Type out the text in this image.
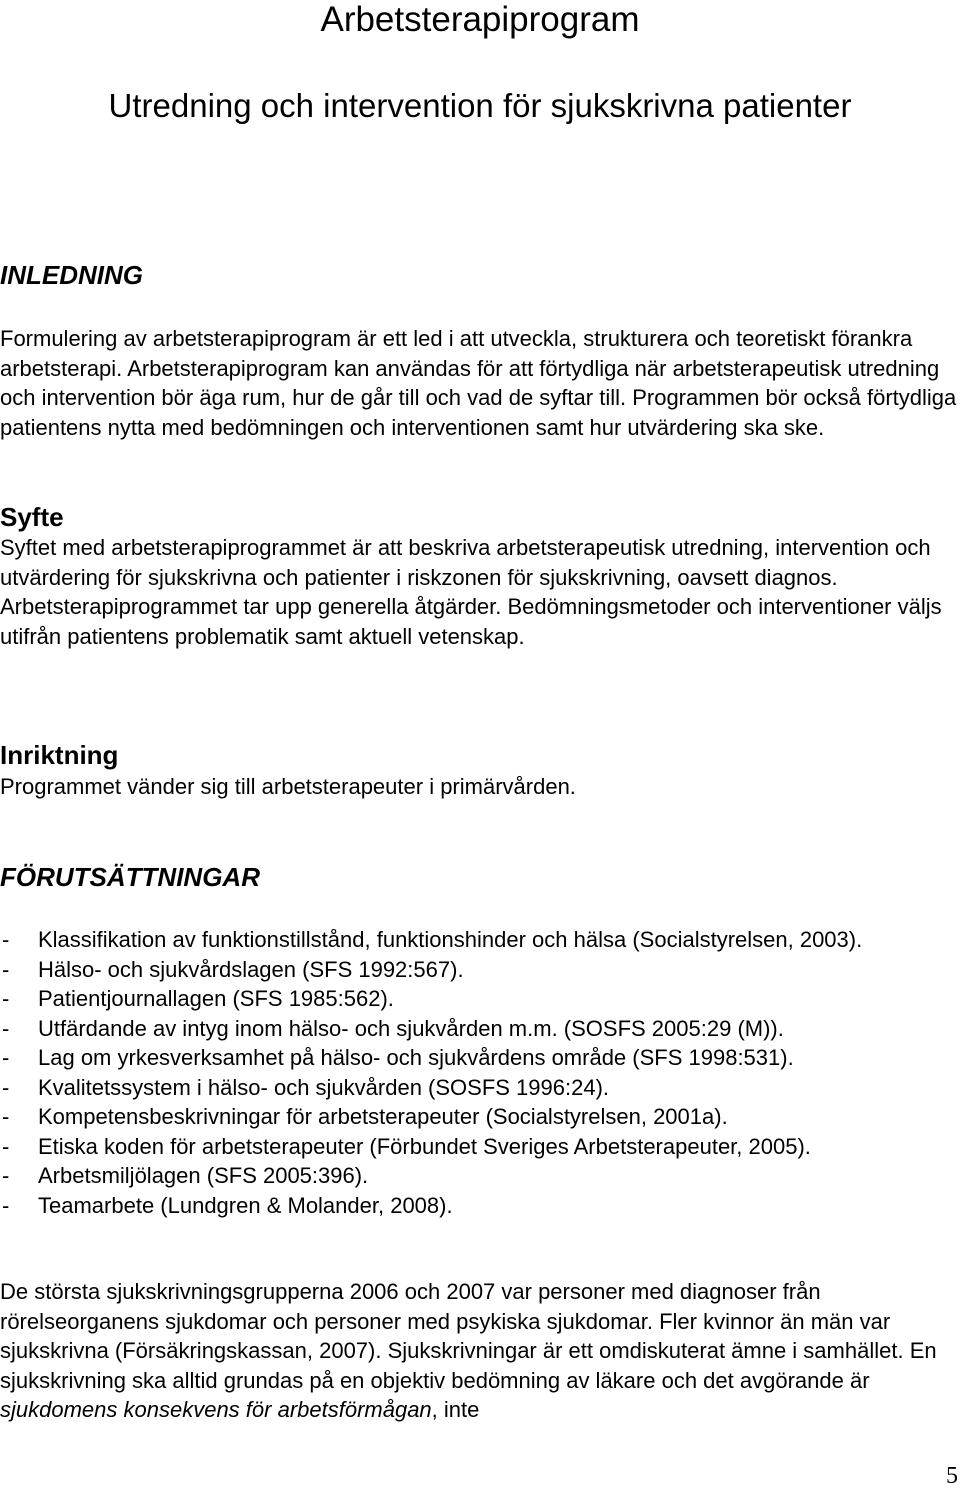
Arbetsterapiprogram
Utredning och intervention för sjukskrivna patienter
INLEDNING

Formulering av arbetsterapiprogram är ett led i att utveckla, strukturera och teoretiskt förankra arbetsterapi. Arbetsterapiprogram kan användas för att förtydliga när arbetsterapeutisk utredning och intervention bör äga rum, hur de går till och vad de syftar till. Programmen bör också förtydliga patientens nytta med bedömningen och interventionen samt hur utvärdering ska ske.

Syfte

Syftet med arbetsterapiprogrammet är att beskriva arbetsterapeutisk utredning, intervention och utvärdering för sjukskrivna och patienter i riskzonen för sjukskrivning, oavsett diagnos. Arbetsterapiprogrammet tar upp generella åtgärder. Bedömningsmetoder och interventioner väljs utifrån patientens problematik samt aktuell vetenskap.

Inriktning

Programmet vänder sig till arbetsterapeuter i primärvården.

FÖRUTSÄTTNINGAR
- Klassifikation av funktionstillstånd, funktionshinder och hälsa (Socialstyrelsen, 2003).
- Hälso- och sjukvårdslagen (SFS 1992:567).
- Patientjournallagen (SFS 1985:562).
- Utfärdande av intyg inom hälso- och sjukvården m.m. (SOSFS 2005:29 (M)).
- Lag om yrkesverksamhet på hälso- och sjukvårdens område (SFS 1998:531).
- Kvalitetssystem i hälso- och sjukvården (SOSFS 1996:24).
- Kompetensbeskrivningar för arbetsterapeuter (Socialstyrelsen, 2001a).
- Etiska koden för arbetsterapeuter (Förbundet Sveriges Arbetsterapeuter, 2005).
- Arbetsmiljölagen (SFS 2005:396).
- Teamarbete (Lundgren & Molander, 2008).

De största sjukskrivningsgrupperna 2006 och 2007 var personer med diagnoser från rörelseorganens sjukdomar och personer med psykiska sjukdomar. Fler kvinnor än män var sjukskrivna (Försäkringskassan, 2007). Sjukskrivningar är ett omdiskuterat ämne i samhället. En sjukskrivning ska alltid grundas på en objektiv bedömning av läkare och det avgörande är sjukdomens konsekvens för arbetsförmågan, inte

5
